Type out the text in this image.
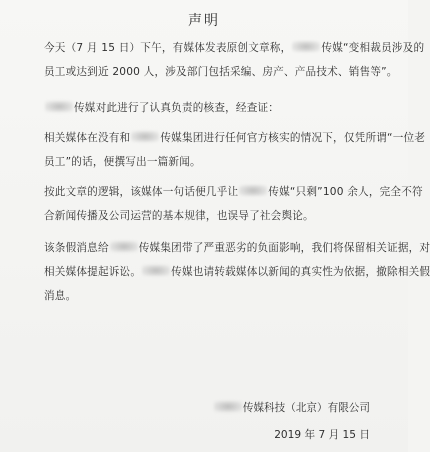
声明
今天（7 月 15 日）下午，有媒体发表原创文章称，	传媒“变相裁员涉及的
员工或达到近 2000 人，涉及部门包括采编、房产、产品技术、销售等”。
传媒对此进行了认真负责的核查，经查证：
相关媒体在没有和	传媒集团进行任何官方核实的情况下，仅凭所谓“一位老
员工”的话，便撰写出一篇新闻。
按此文章的逻辑，该媒体一句话便几乎让	传媒“只剩”100 余人，完全不符
合新闻传播及公司运营的基本规律，也误导了社会舆论。
该条假消息给	传媒集团带了严重恶劣的负面影响，我们将保留相关证据，对
相关媒体提起诉讼。	传媒也请转载媒体以新闻的真实性为依据，撤除相关假
消息。
传媒科技（北京）有限公司
2019 年 7 月 15 日
